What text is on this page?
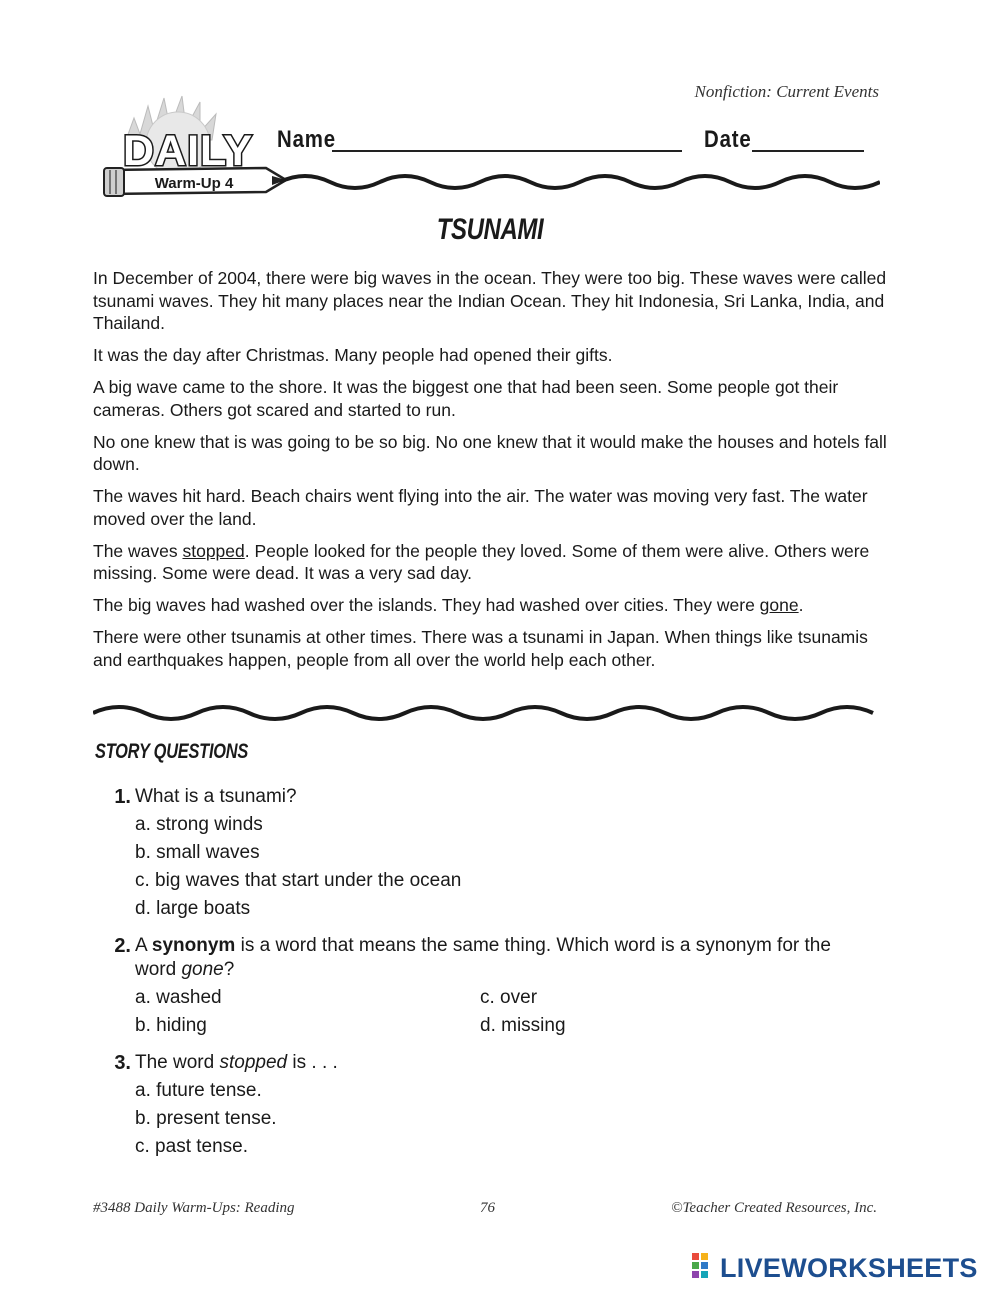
Nonfiction: Current Events
DAILY
Warm-Up 4
Name	Date
TSUNAMI

In December of 2004, there were big waves in the ocean. They were too big. These waves were called tsunami waves. They hit many places near the Indian Ocean. They hit Indonesia, Sri Lanka, India, and Thailand.

It was the day after Christmas. Many people had opened their gifts.

A big wave came to the shore. It was the biggest one that had been seen. Some people got their cameras. Others got scared and started to run.

No one knew that is was going to be so big. No one knew that it would make the houses and hotels fall down.

The waves hit hard. Beach chairs went flying into the air. The water was moving very fast. The water moved over the land.

The waves stopped. People looked for the people they loved. Some of them were alive. Others were missing. Some were dead. It was a very sad day.

The big waves had washed over the islands. They had washed over cities. They were gone.

There were other tsunamis at other times. There was a tsunami in Japan. When things like tsunamis and earthquakes happen, people from all over the world help each other.

STORY QUESTIONS
1. What is a tsunami?
a. strong winds
b. small waves
c. big waves that start under the ocean
d. large boats
2. A synonym is a word that means the same thing. Which word is a synonym for the word gone?
a. washed
b. hiding
c. over
d. missing
3. The word stopped is . . .
a. future tense.
b. present tense.
c. past tense.
#3488 Daily Warm-Ups: Reading	76	©Teacher Created Resources, Inc.
LIVEWORKSHEETS
